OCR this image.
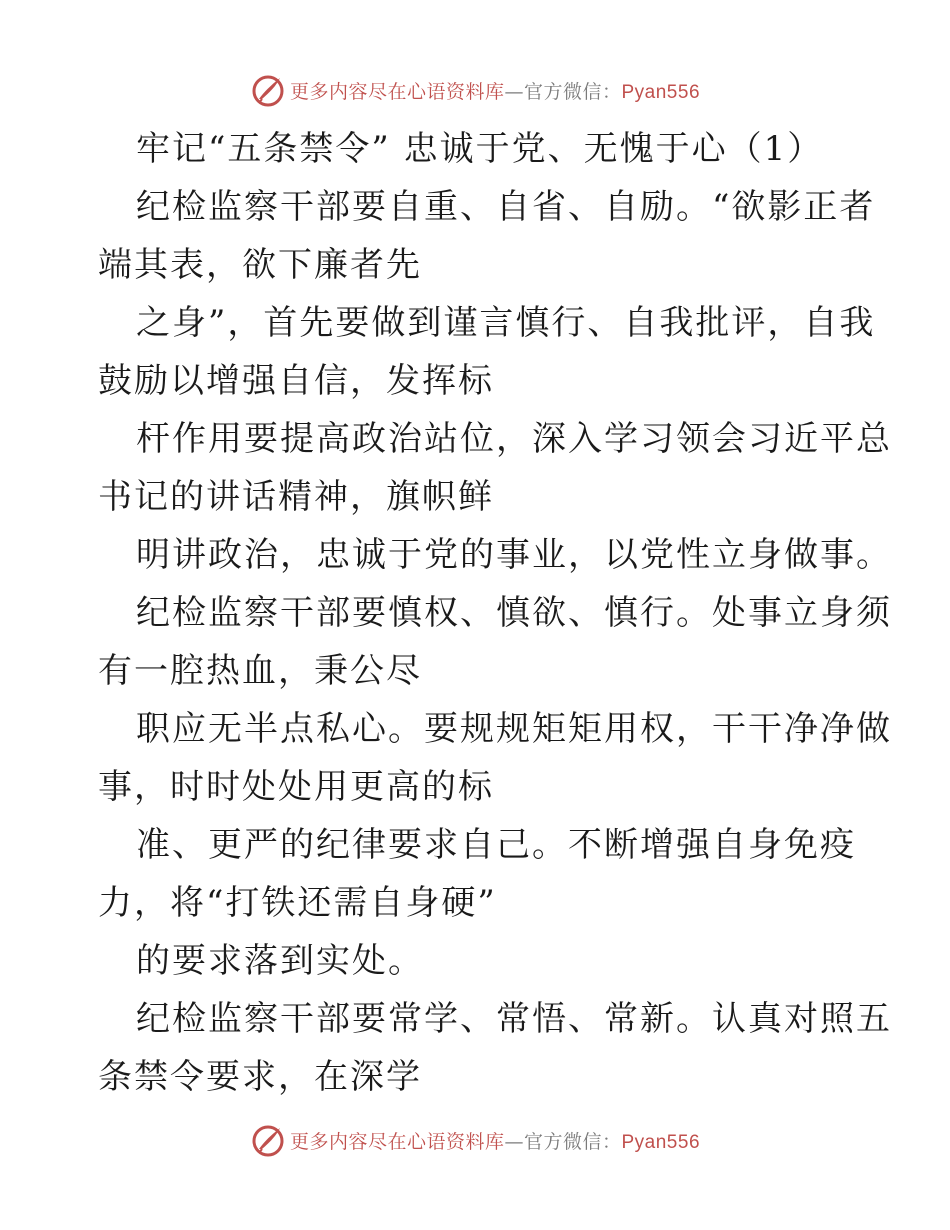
更多内容尽在心语资料库—官方微信：Pyan556
牢记“五条禁令” 忠诚于党、无愧于心（1）
纪检监察干部要自重、自省、自励。“欲影正者
端其表，欲下廉者先
之身”，首先要做到谨言慎行、自我批评，自我
鼓励以增强自信，发挥标
杆作用要提高政治站位，深入学习领会习近平总
书记的讲话精神，旗帜鲜
明讲政治，忠诚于党的事业，以党性立身做事。
纪检监察干部要慎权、慎欲、慎行。处事立身须
有一腔热血，秉公尽
职应无半点私心。要规规矩矩用权，干干净净做
事，时时处处用更高的标
准、更严的纪律要求自己。不断增强自身免疫
力，将“打铁还需自身硬”
的要求落到实处。
纪检监察干部要常学、常悟、常新。认真对照五
条禁令要求，在深学
更多内容尽在心语资料库—官方微信：Pyan556
